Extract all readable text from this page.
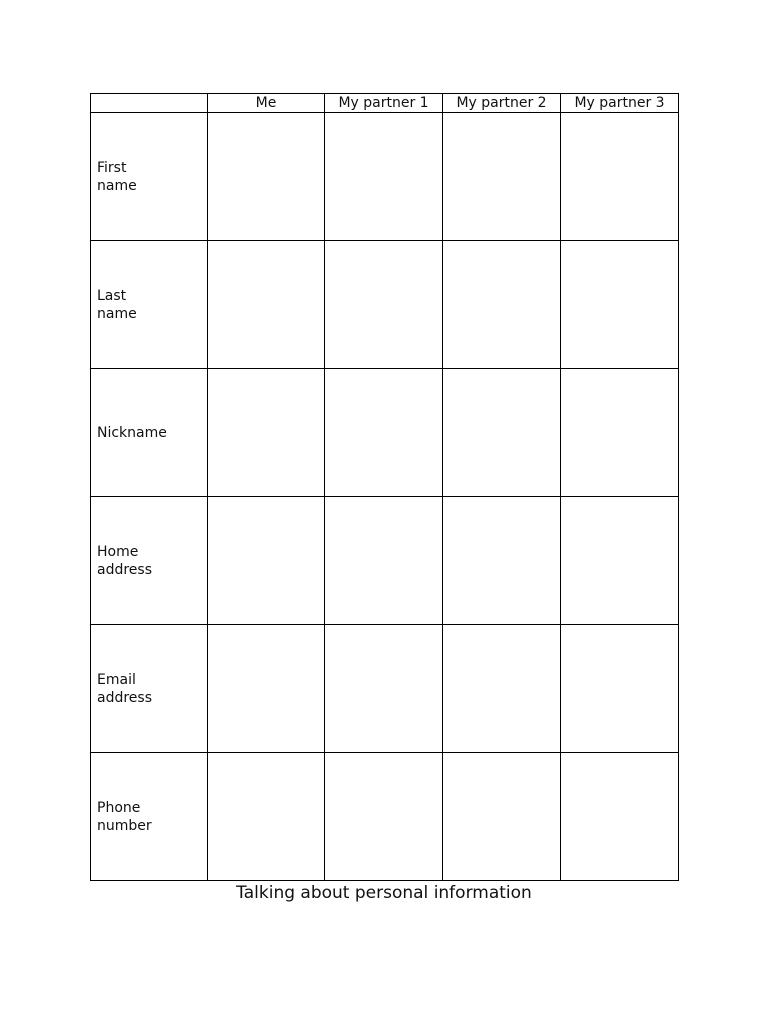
	Me	My partner 1	My partner 2	My partner 3

First name				

Last name				

Nickname				

Home address				

Email address				

Phone number				

Talking about personal information
